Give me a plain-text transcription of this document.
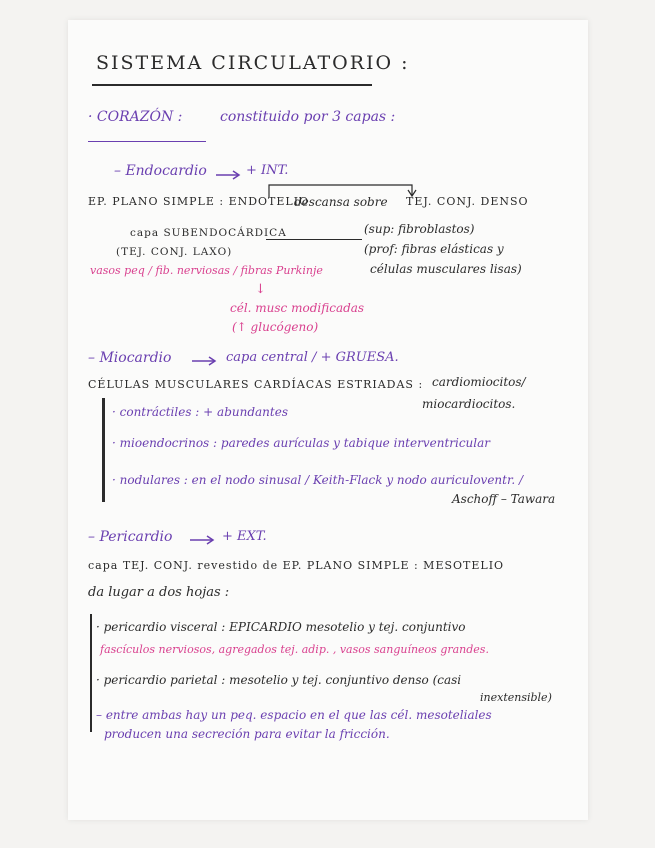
SISTEMA CIRCULATORIO :
· CORAZÓN :	constituido por 3 capas :
– Endocardio	+ INT.
EP. PLANO SIMPLE : ENDOTELIO
descansa sobre TEJ. CONJ. DENSO
capa SUBENDOCÁRDICA	(sup: fibroblastos)
(TEJ. CONJ. LAXO)	(prof: fibras elásticas y
células musculares lisas)
vasos peq / fib. nerviosas / fibras Purkinje
↓
cél. musc modificadas
(↑ glucógeno)
– Miocardio	capa central / + GRUESA.
CÉLULAS MUSCULARES CARDÍACAS ESTRIADAS : cardiomiocitos/
miocardiocitos.
· contráctiles : + abundantes
· mioendocrinos : paredes aurículas y tabique interventricular
· nodulares : en el nodo sinusal / Keith-Flack y nodo auriculoventr. /
Aschoff – Tawara
– Pericardio	+ EXT.
capa TEJ. CONJ. revestido de EP. PLANO SIMPLE : MESOTELIO
da lugar a dos hojas :
· pericardio visceral : EPICARDIO mesotelio y tej. conjuntivo
fascículos nerviosos, agregados tej. adip. , vasos sanguíneos grandes.
· pericardio parietal : mesotelio y tej. conjuntivo denso (casi
inextensible)
– entre ambas hay un peq. espacio en el que las cél. mesoteliales
producen una secreción para evitar la fricción.
